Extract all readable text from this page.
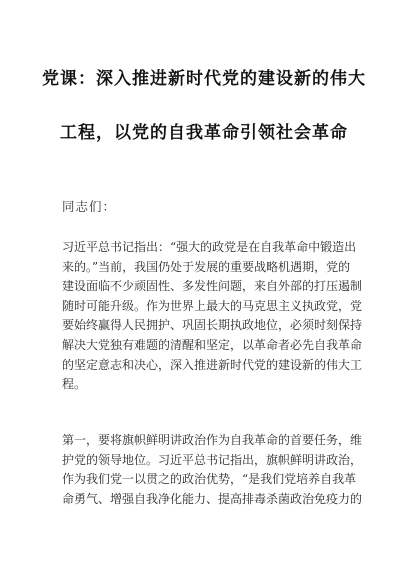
党课：深入推进新时代党的建设新的伟大
工程，以党的自我革命引领社会革命
同志们：
习近平总书记指出：“强大的政党是在自我革命中锻造出
来的。”当前，我国仍处于发展的重要战略机遇期，党的
建设面临不少顽固性、多发性问题，来自外部的打压遏制
随时可能升级。作为世界上最大的马克思主义执政党，党
要始终赢得人民拥护、巩固长期执政地位，必须时刻保持
解决大党独有难题的清醒和坚定，以革命者必先自我革命
的坚定意志和决心，深入推进新时代党的建设新的伟大工
程。
第一，要将旗帜鲜明讲政治作为自我革命的首要任务，维
护党的领导地位。习近平总书记指出，旗帜鲜明讲政治，
作为我们党一以贯之的政治优势，“是我们党培养自我革
命勇气、增强自我净化能力、提高排毒杀菌政治免疫力的
